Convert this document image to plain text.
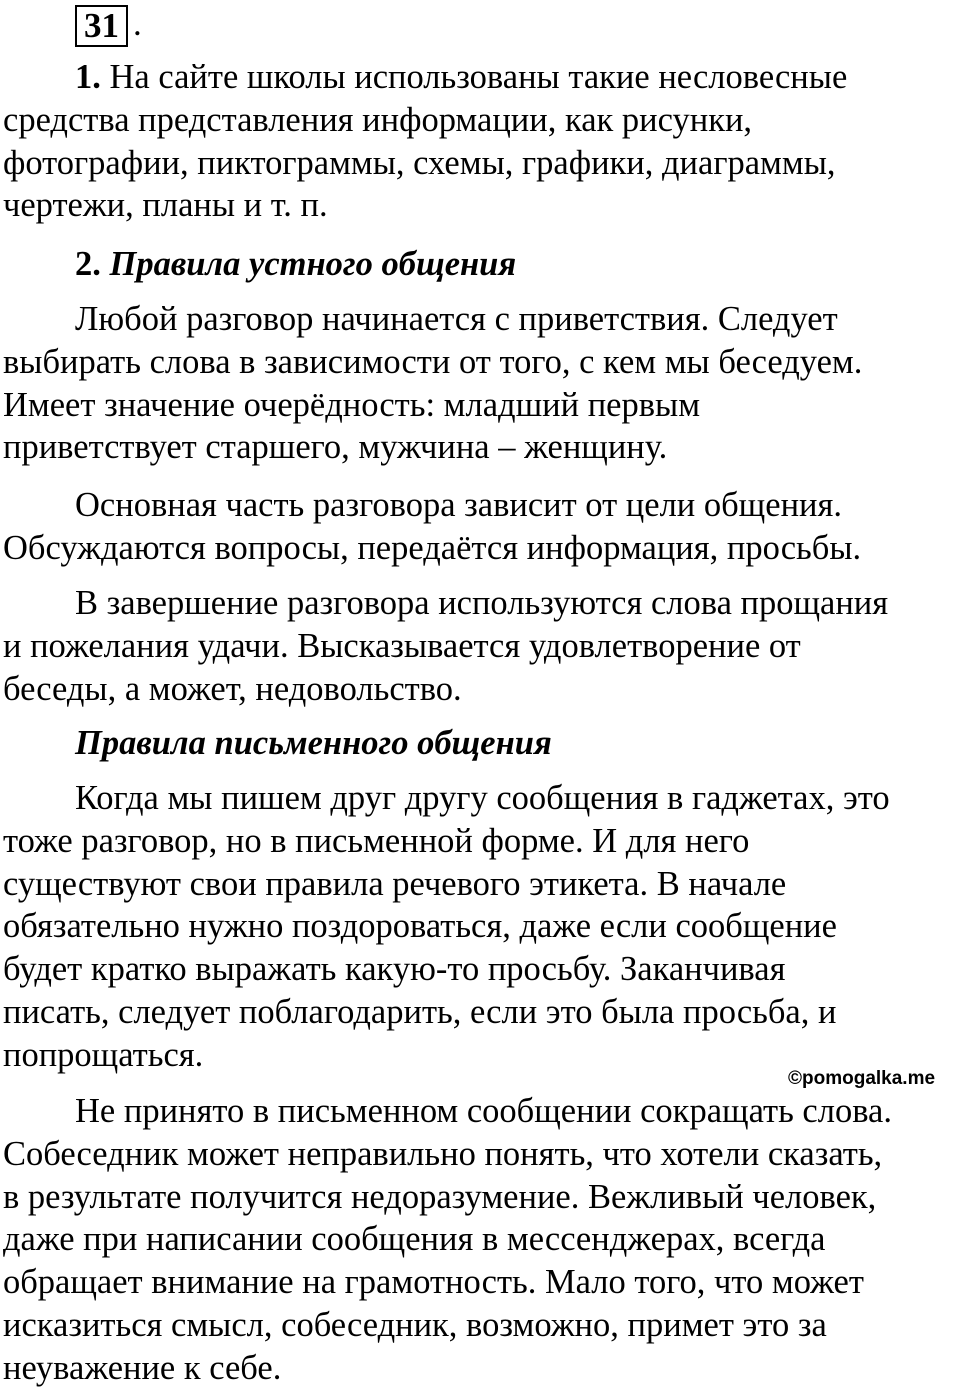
31 .

1. На сайте школы использованы такие несловесные
средства представления информации, как рисунки,
фотографии, пиктограммы, схемы, графики, диаграммы,
чертежи, планы и т. п.

2. Правила устного общения

Любой разговор начинается с приветствия. Следует
выбирать слова в зависимости от того, с кем мы беседуем.
Имеет значение очерёдность: младший первым
приветствует старшего, мужчина – женщину.

Основная часть разговора зависит от цели общения.
Обсуждаются вопросы, передаётся информация, просьбы.

В завершение разговора используются слова прощания
и пожелания удачи. Высказывается удовлетворение от
беседы, а может, недовольство.

Правила письменного общения

Когда мы пишем друг другу сообщения в гаджетах, это
тоже разговор, но в письменной форме. И для него
существуют свои правила речевого этикета. В начале
обязательно нужно поздороваться, даже если сообщение
будет кратко выражать какую-то просьбу. Заканчивая
писать, следует поблагодарить, если это была просьба, и
попрощаться.

©pomogalka.me

Не принято в письменном сообщении сокращать слова.
Собеседник может неправильно понять, что хотели сказать,
в результате получится недоразумение. Вежливый человек,
даже при написании сообщения в мессенджерах, всегда
обращает внимание на грамотность. Мало того, что может
исказиться смысл, собеседник, возможно, примет это за
неуважение к себе.
